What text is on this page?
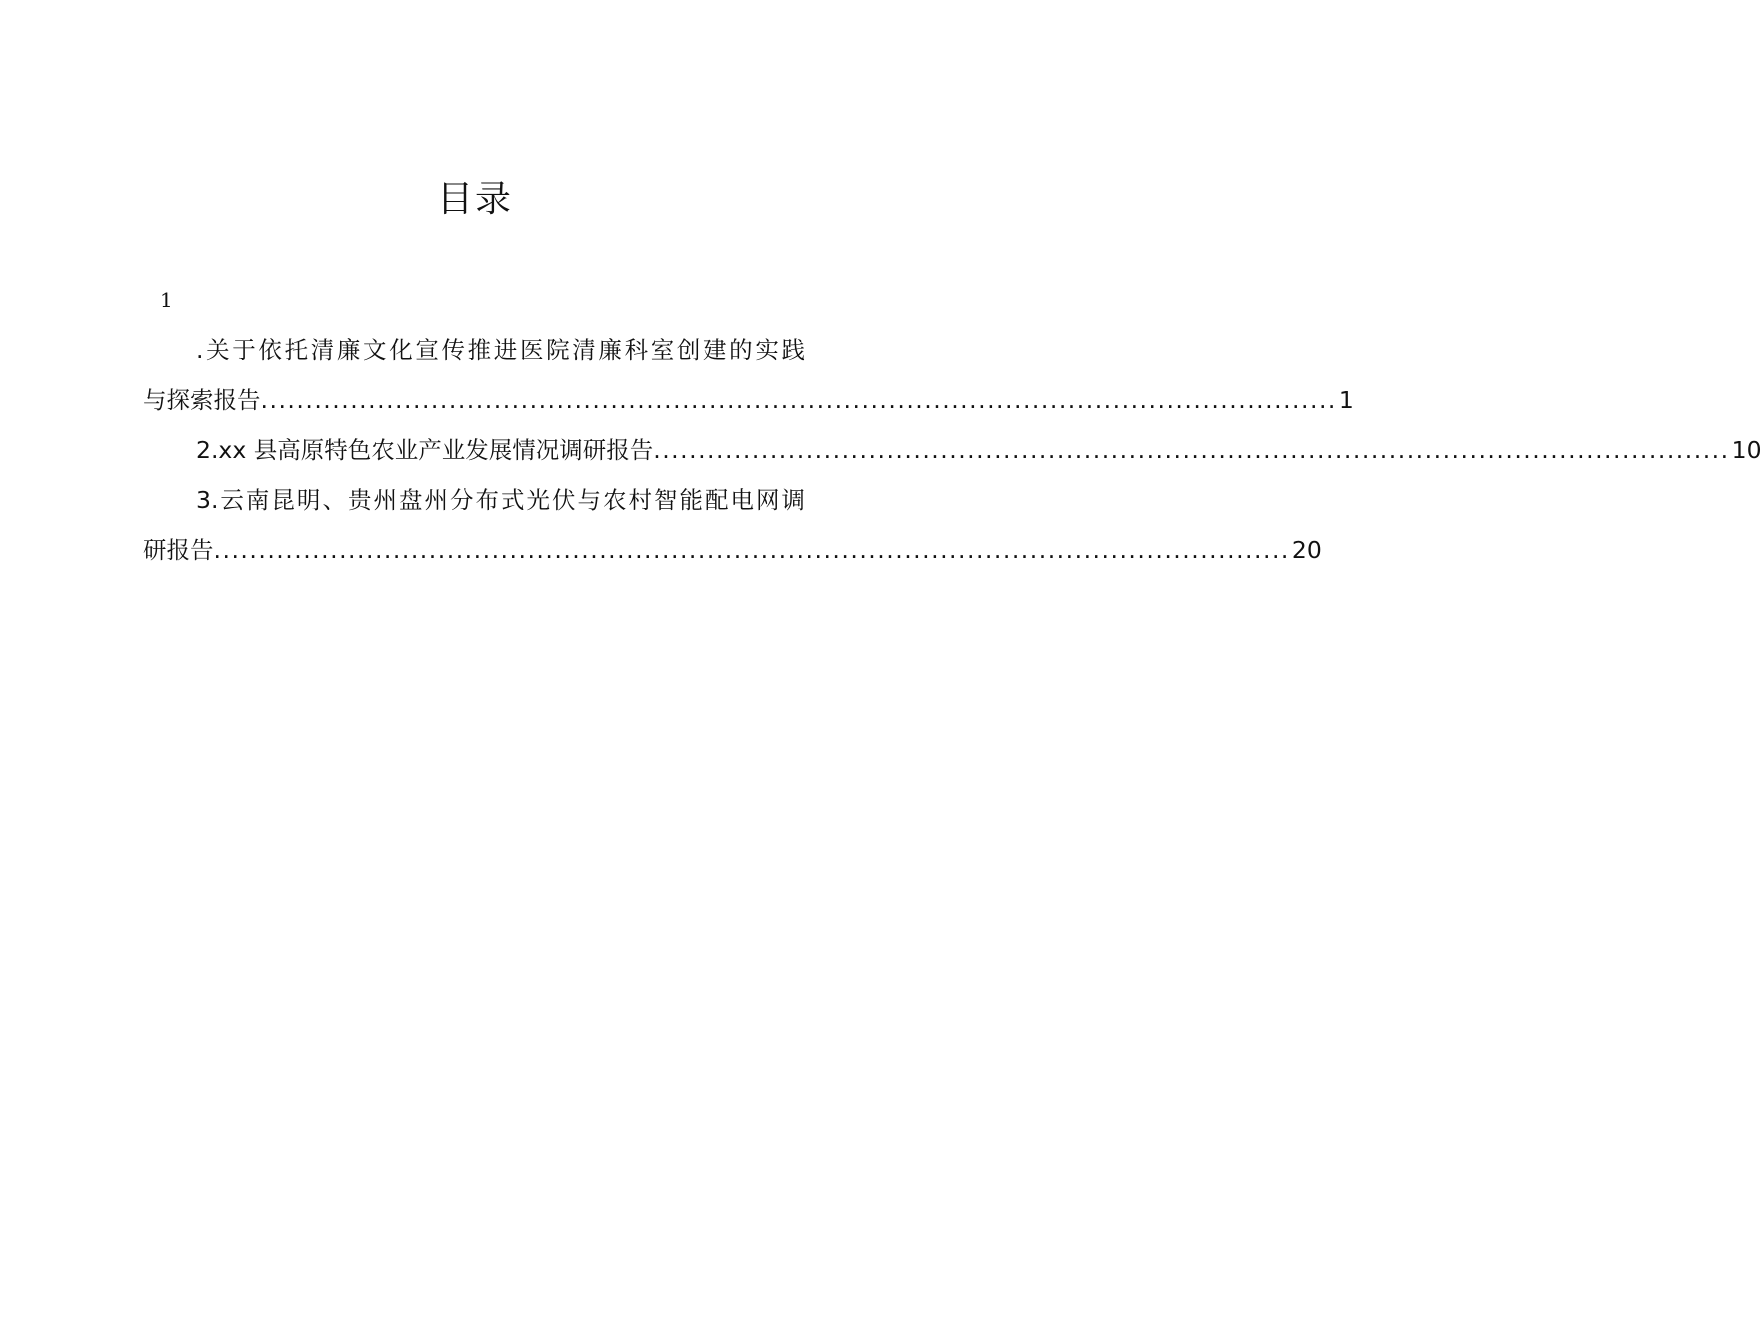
目录
1
.关于依托清廉文化宣传推进医院清廉科室创建的实践
与探索报告 ........................................................................................................................ 1
2.xx 县高原特色农业产业发展情况调研报告 ........................................................................................................................ 10
3.云南昆明、贵州盘州分布式光伏与农村智能配电网调
研报告 ........................................................................................................................ 20
